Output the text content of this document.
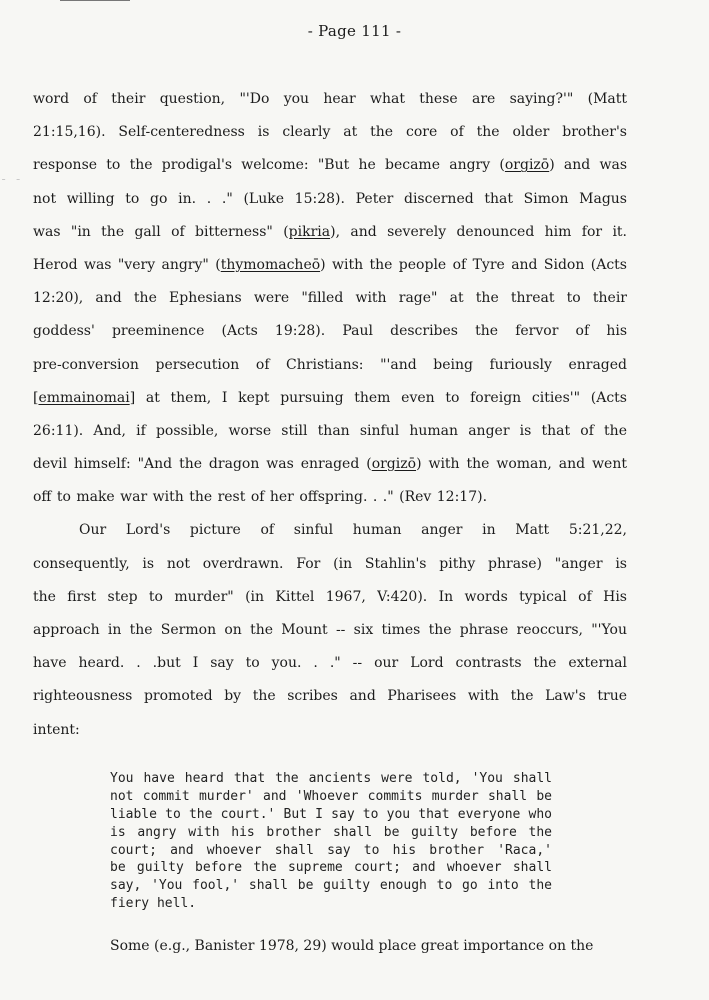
- Page 111 -
- -
word of their question, "'Do you hear what these are saying?'" (Matt
21:15,16). Self-centeredness is clearly at the core of the older brother's
response to the prodigal's welcome: "But he became angry (orgizō) and was
not willing to go in. . ." (Luke 15:28). Peter discerned that Simon Magus
was "in the gall of bitterness" (pikria), and severely denounced him for it.
Herod was "very angry" (thymomacheō) with the people of Tyre and Sidon (Acts
12:20), and the Ephesians were "filled with rage" at the threat to their
goddess' preeminence (Acts 19:28). Paul describes the fervor of his
pre-conversion persecution of Christians: "'and being furiously enraged
[emmainomai] at them, I kept pursuing them even to foreign cities'" (Acts
26:11). And, if possible, worse still than sinful human anger is that of the
devil himself: "And the dragon was enraged (orgizō) with the woman, and went
off to make war with the rest of her offspring. . ." (Rev 12:17).
Our Lord's picture of sinful human anger in Matt 5:21,22,
consequently, is not overdrawn. For (in Stahlin's pithy phrase) "anger is
the first step to murder" (in Kittel 1967, V:420). In words typical of His
approach in the Sermon on the Mount -- six times the phrase reoccurs, "'You
have heard. . .but I say to you. . ." -- our Lord contrasts the external
righteousness promoted by the scribes and Pharisees with the Law's true
intent:
You have heard that the ancients were told, 'You shall
not commit murder' and 'Whoever commits murder shall be
liable to the court.' But I say to you that everyone who
is angry with his brother shall be guilty before the
court; and whoever shall say to his brother 'Raca,'
be guilty before the supreme court; and whoever shall
say, 'You fool,' shall be guilty enough to go into the
fiery hell.
Some (e.g., Banister 1978, 29) would place great importance on the
